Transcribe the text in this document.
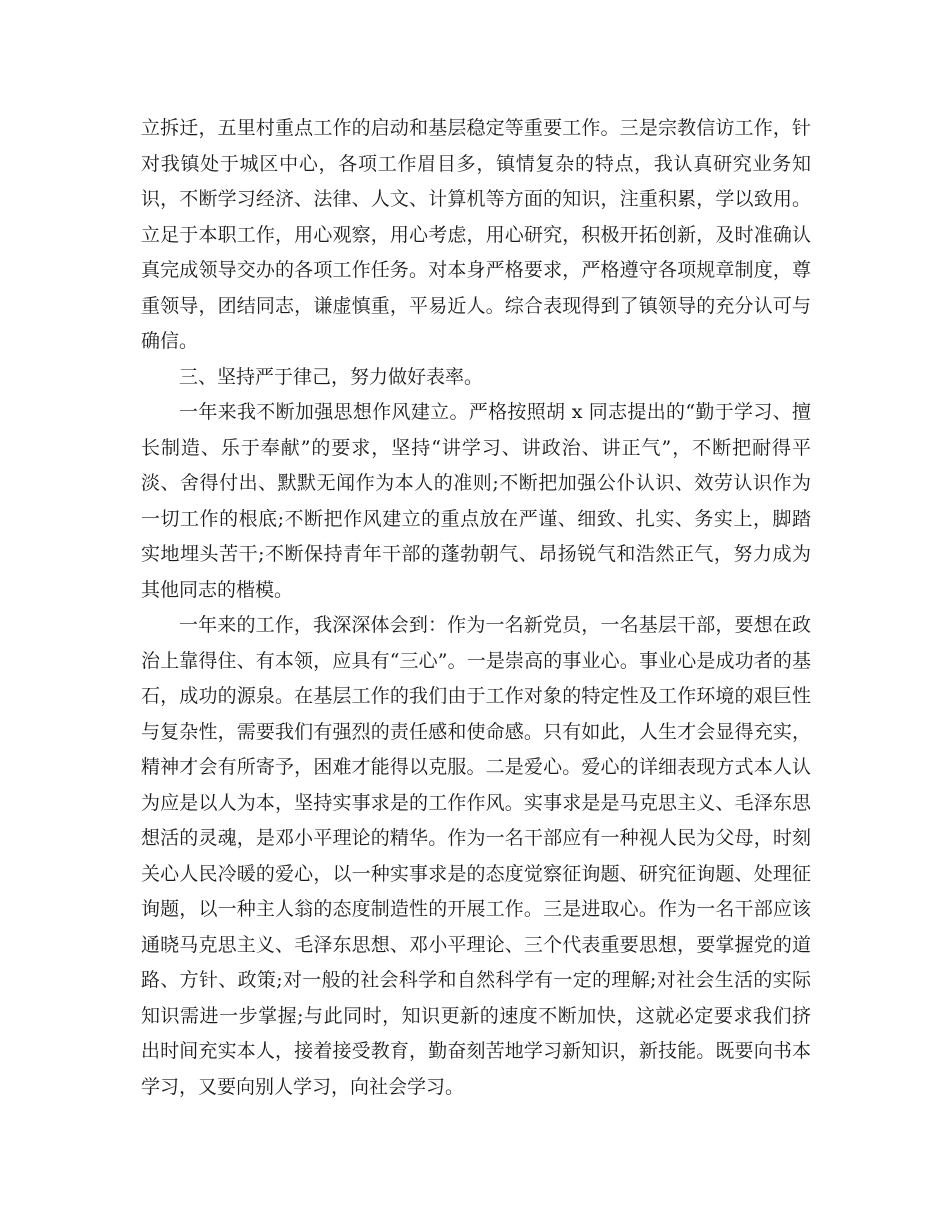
立拆迁，五里村重点工作的启动和基层稳定等重要工作。三是宗教信访工作，针对我镇处于城区中心，各项工作眉目多，镇情复杂的特点，我认真研究业务知识，不断学习经济、法律、人文、计算机等方面的知识，注重积累，学以致用。立足于本职工作，用心观察，用心考虑，用心研究，积极开拓创新，及时准确认真完成领导交办的各项工作任务。对本身严格要求，严格遵守各项规章制度，尊重领导，团结同志，谦虚慎重，平易近人。综合表现得到了镇领导的充分认可与确信。

三、坚持严于律己，努力做好表率。

一年来我不断加强思想作风建立。严格按照胡 x 同志提出的“勤于学习、擅长制造、乐于奉献”的要求，坚持“讲学习、讲政治、讲正气”，不断把耐得平淡、舍得付出、默默无闻作为本人的准则;不断把加强公仆认识、效劳认识作为一切工作的根底;不断把作风建立的重点放在严谨、细致、扎实、务实上，脚踏实地埋头苦干;不断保持青年干部的蓬勃朝气、昂扬锐气和浩然正气，努力成为其他同志的楷模。

一年来的工作，我深深体会到：作为一名新党员，一名基层干部，要想在政治上靠得住、有本领，应具有“三心”。一是崇高的事业心。事业心是成功者的基石，成功的源泉。在基层工作的我们由于工作对象的特定性及工作环境的艰巨性与复杂性，需要我们有强烈的责任感和使命感。只有如此，人生才会显得充实，精神才会有所寄予，困难才能得以克服。二是爱心。爱心的详细表现方式本人认为应是以人为本，坚持实事求是的工作作风。实事求是是马克思主义、毛泽东思想活的灵魂，是邓小平理论的精华。作为一名干部应有一种视人民为父母，时刻关心人民冷暖的爱心，以一种实事求是的态度觉察征询题、研究征询题、处理征询题，以一种主人翁的态度制造性的开展工作。三是进取心。作为一名干部应该通晓马克思主义、毛泽东思想、邓小平理论、三个代表重要思想，要掌握党的道路、方针、政策;对一般的社会科学和自然科学有一定的理解;对社会生活的实际知识需进一步掌握;与此同时，知识更新的速度不断加快，这就必定要求我们挤出时间充实本人，接着接受教育，勤奋刻苦地学习新知识，新技能。既要向书本学习，又要向别人学习，向社会学习。
